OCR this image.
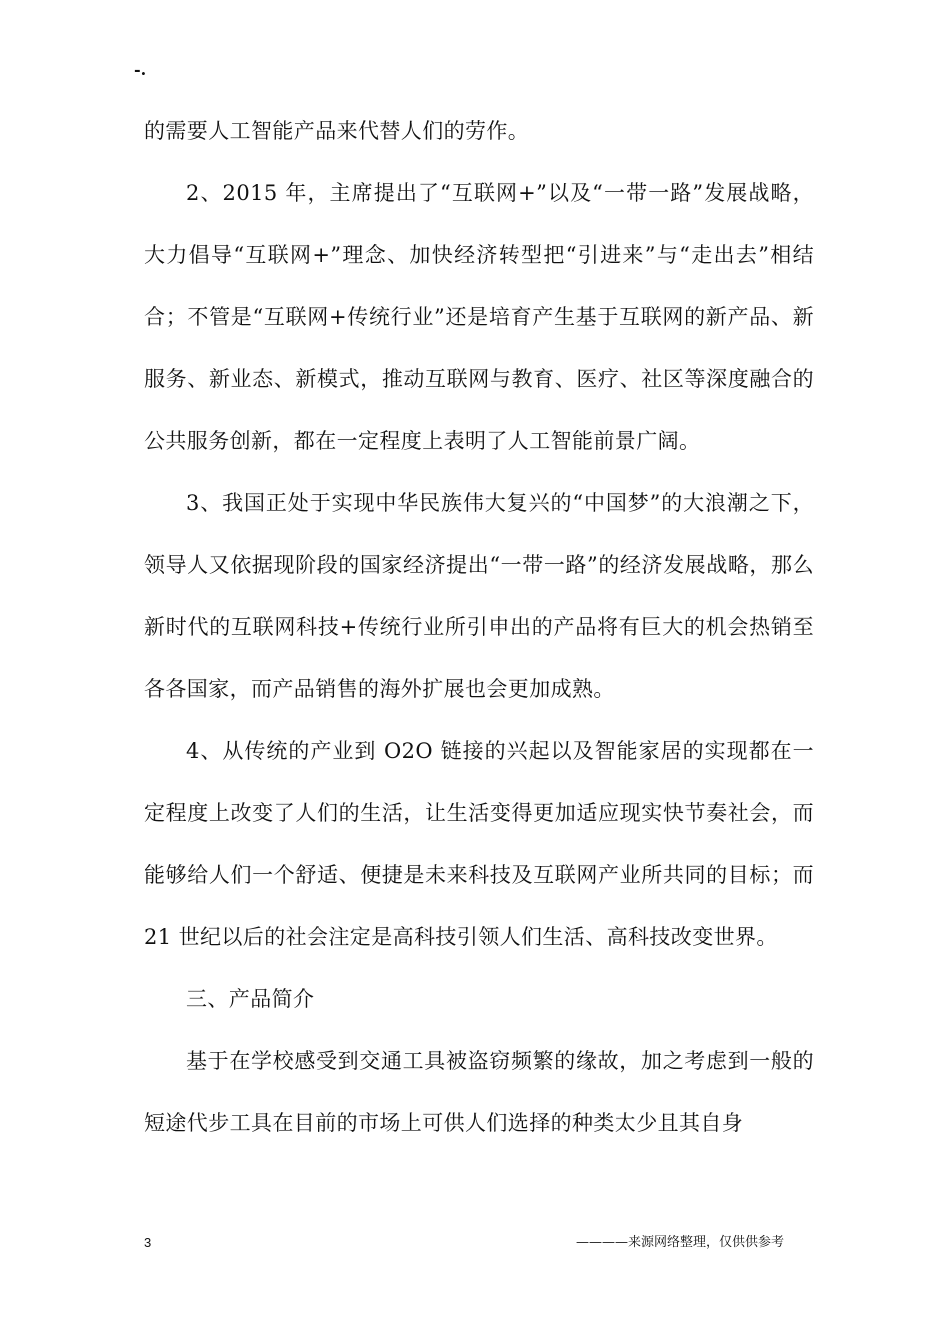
-.

的需要人工智能产品来代替人们的劳作。

2、2015 年，主席提出了“互联网+”以及“一带一路”发展战略，大力倡导“互联网+”理念、加快经济转型把“引进来”与“走出去”相结合；不管是“互联网+传统行业”还是培育产生基于互联网的新产品、新服务、新业态、新模式，推动互联网与教育、医疗、社区等深度融合的公共服务创新，都在一定程度上表明了人工智能前景广阔。

3、我国正处于实现中华民族伟大复兴的“中国梦”的大浪潮之下，领导人又依据现阶段的国家经济提出“一带一路”的经济发展战略，那么新时代的互联网科技+传统行业所引申出的产品将有巨大的机会热销至各各国家，而产品销售的海外扩展也会更加成熟。

4、从传统的产业到 O2O 链接的兴起以及智能家居的实现都在一定程度上改变了人们的生活，让生活变得更加适应现实快节奏社会，而能够给人们一个舒适、便捷是未来科技及互联网产业所共同的目标；而 21 世纪以后的社会注定是高科技引领人们生活、高科技改变世界。

三、产品简介

基于在学校感受到交通工具被盗窃频繁的缘故，加之考虑到一般的短途代步工具在目前的市场上可供人们选择的种类太少且其自身

3	————来源网络整理，仅供供参考
